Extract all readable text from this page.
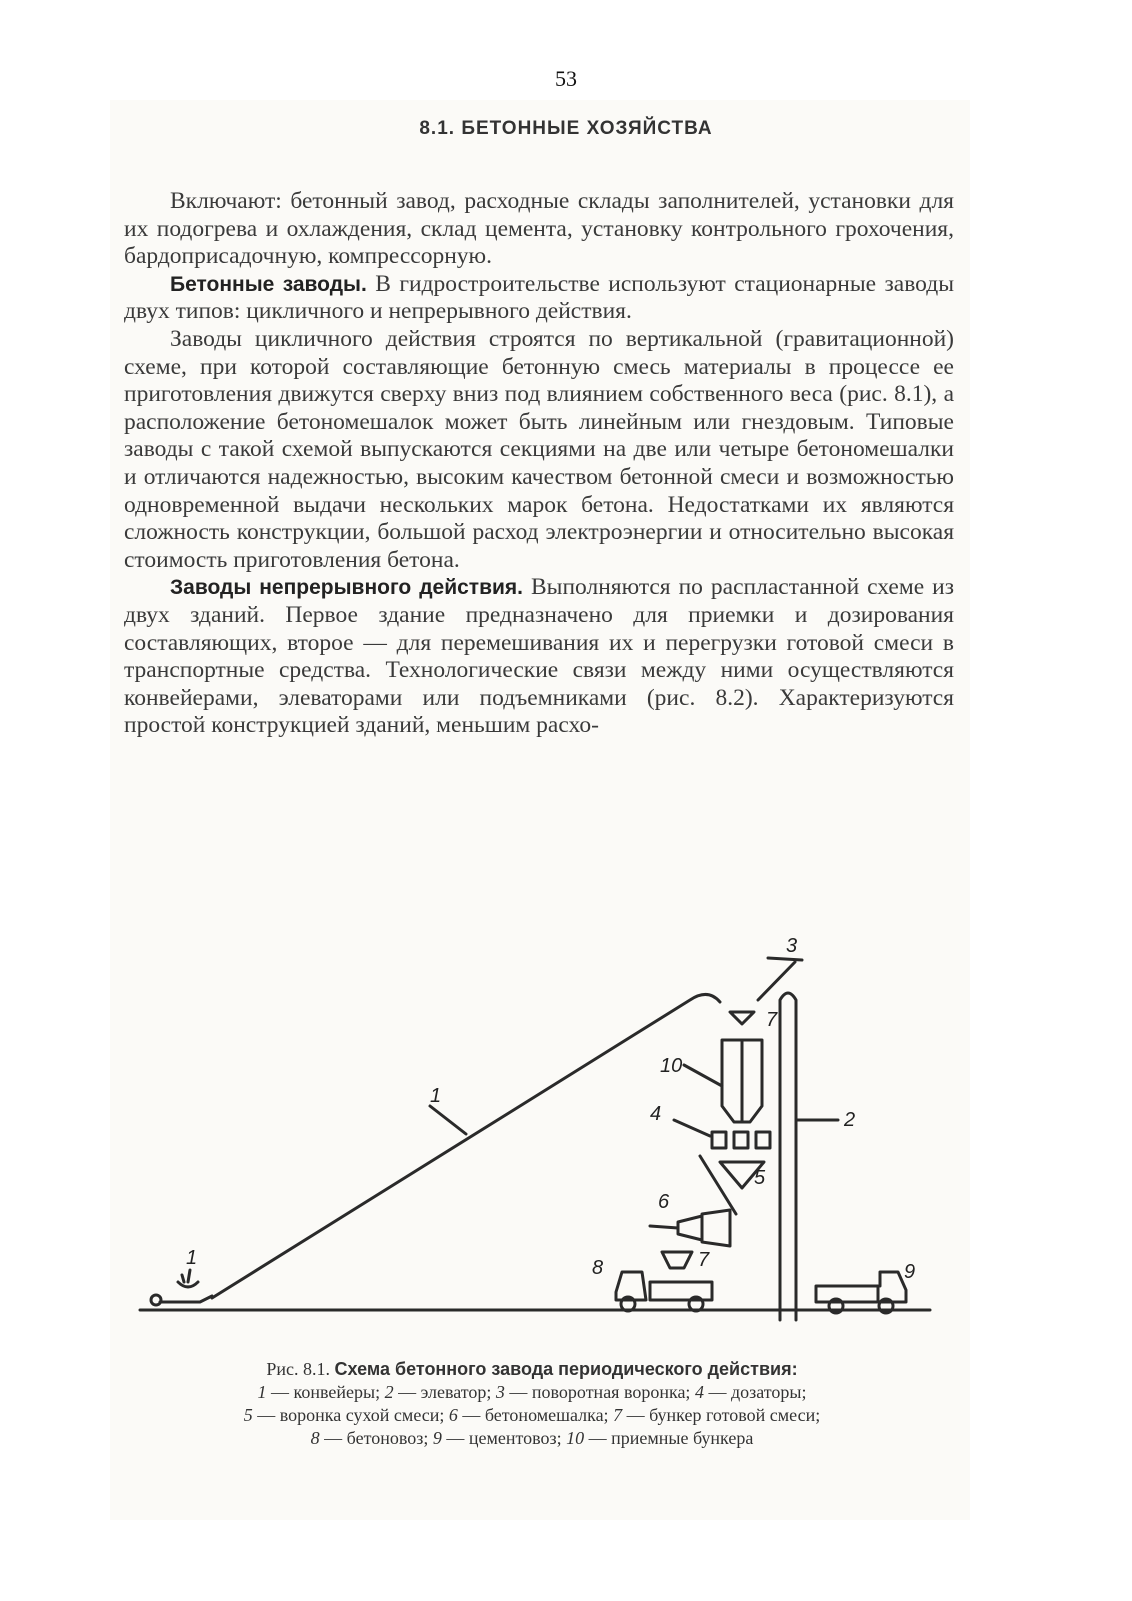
53
8.1. БЕТОННЫЕ ХОЗЯЙСТВА

Включают: бетонный завод, расходные склады заполнителей, установки для их подогрева и охлаждения, склад цемента, установку контрольного грохочения, бардоприсадочную, компрессорную.

Бетонные заводы. В гидростроительстве используют стационарные заводы двух типов: цикличного и непрерывного действия.

Заводы цикличного действия строятся по вертикальной (гравитационной) схеме, при которой составляющие бетонную смесь материалы в процессе ее приготовления движутся сверху вниз под влиянием собственного веса (рис. 8.1), а расположение бетономешалок может быть линейным или гнездовым. Типовые заводы с такой схемой выпускаются секциями на две или четыре бетономешалки и отличаются надежностью, высоким качеством бетонной смеси и возможностью одновременной выдачи нескольких марок бетона. Недостатками их являются сложность конструкции, большой расход электроэнергии и относительно высокая стоимость приготовления бетона.

Заводы непрерывного действия. Выполняются по распластанной схеме из двух зданий. Первое здание предназначено для приемки и дозирования составляющих, второе — для перемешивания их и перегрузки готовой смеси в транспортные средства. Технологические связи между ними осуществляются конвейерами, элеваторами или подъемниками (рис. 8.2). Характеризуются простой конструкцией зданий, меньшим расхо-

1
1
2
3
7
10
4
5
6
7
8	9
Рис. 8.1. Схема бетонного завода периодического действия:
1 — конвейеры; 2 — элеватор; 3 — поворотная воронка; 4 — дозаторы;
5 — воронка сухой смеси; 6 — бетономешалка; 7 — бункер готовой смеси;
8 — бетоновоз; 9 — цементовоз; 10 — приемные бункера
